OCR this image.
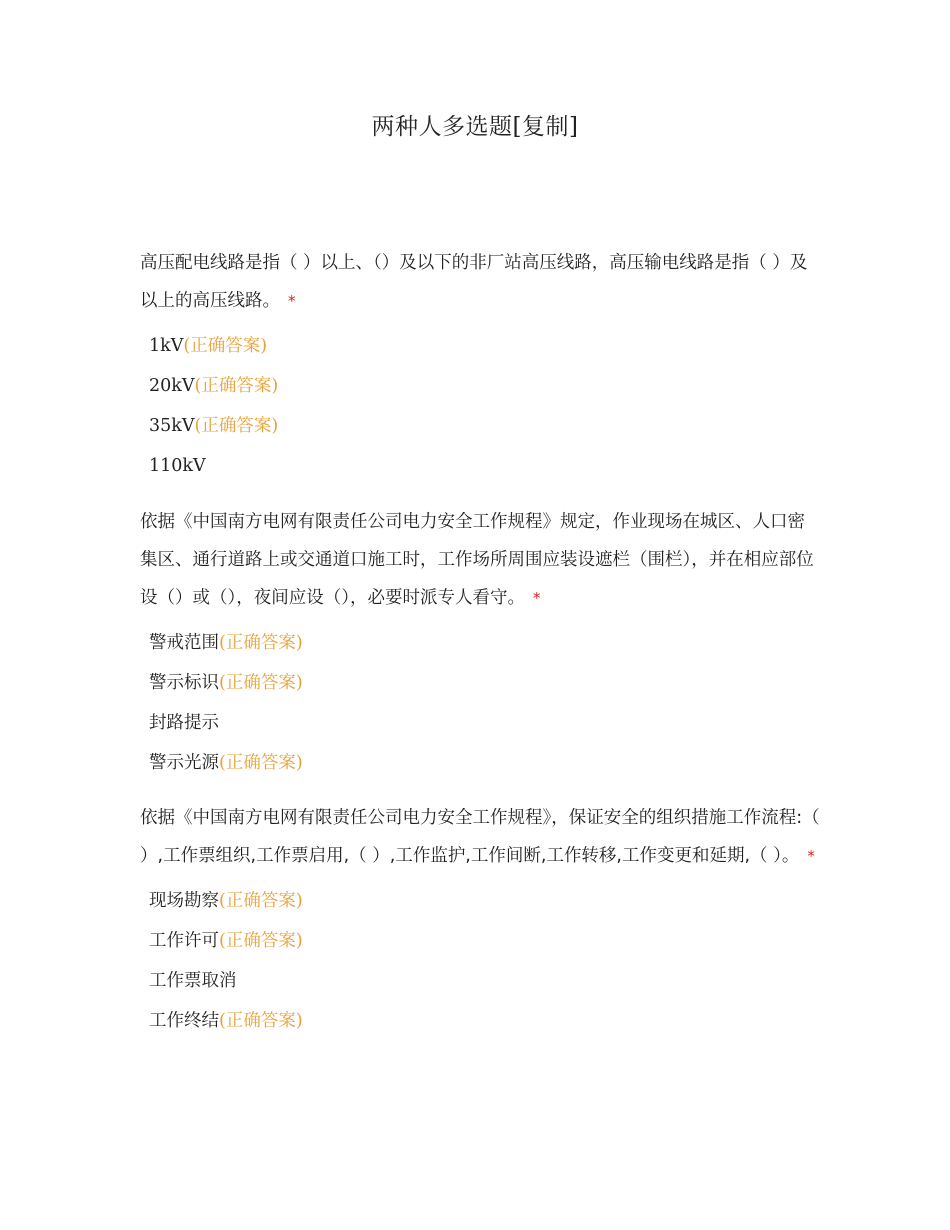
两种人多选题[复制]

高压配电线路是指（ ）以上、（）及以下的非厂站高压线路，高压输电线路是指（ ）及以上的高压线路。 *

1kV(正确答案)
20kV(正确答案)
35kV(正确答案)
110kV

依据《中国南方电网有限责任公司电力安全工作规程》规定，作业现场在城区、人口密集区、通行道路上或交通道口施工时，工作场所周围应装设遮栏（围栏），并在相应部位设（）或（），夜间应设（），必要时派专人看守。 *

警戒范围(正确答案)
警示标识(正确答案)
封路提示
警示光源(正确答案)

依据《中国南方电网有限责任公司电力安全工作规程》，保证安全的组织措施工作流程:（ ）,工作票组织,工作票启用,（ ）,工作监护,工作间断,工作转移,工作变更和延期,（ ）。 *

现场勘察(正确答案)
工作许可(正确答案)
工作票取消
工作终结(正确答案)
